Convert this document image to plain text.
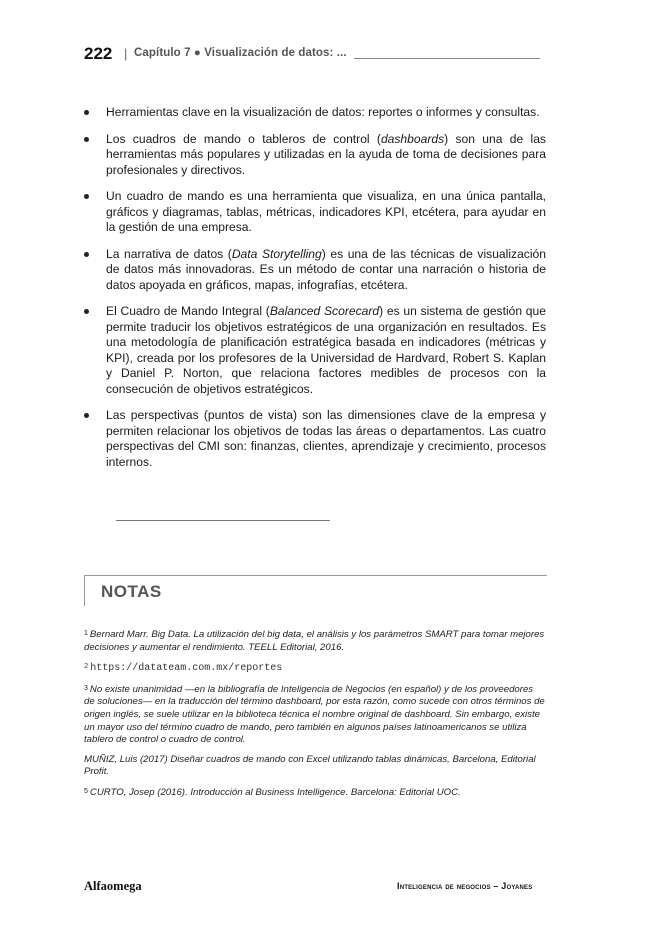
222 | Capítulo 7 ● Visualización de datos: ...
Herramientas clave en la visualización de datos: reportes o informes y consultas.
Los cuadros de mando o tableros de control (dashboards) son una de las herramientas más populares y utilizadas en la ayuda de toma de decisiones para profesionales y directivos.
Un cuadro de mando es una herramienta que visualiza, en una única pantalla, gráficos y diagramas, tablas, métricas, indicadores KPI, etcétera, para ayudar en la gestión de una empresa.
La narrativa de datos (Data Storytelling) es una de las técnicas de visualización de datos más innovadoras. Es un método de contar una narración o historia de datos apoyada en gráficos, mapas, infografías, etcétera.
El Cuadro de Mando Integral (Balanced Scorecard) es un sistema de gestión que permite traducir los objetivos estratégicos de una organización en resultados. Es una metodología de planificación estratégica basada en indicadores (métricas y KPI), creada por los profesores de la Universidad de Hardvard, Robert S. Kaplan y Daniel P. Norton, que relaciona factores medibles de procesos con la consecución de objetivos estratégicos.
Las perspectivas (puntos de vista) son las dimensiones clave de la empresa y permiten relacionar los objetivos de todas las áreas o departamentos. Las cuatro perspectivas del CMI son: finanzas, clientes, aprendizaje y crecimiento, procesos internos.
NOTAS
$^1$ Bernard Marr. Big Data. La utilización del big data, el análisis y los parámetros SMART para tomar mejores decisiones y aumentar el rendimiento. TEELL Editorial, 2016.
$^2$ https://datateam.com.mx/reportes
$^3$ No existe unanimidad —en la bibliografía de Inteligencia de Negocios (en español) y de los proveedores de soluciones— en la traducción del término dashboard, por esta razón, como sucede con otros términos de origen inglés, se suele utilizar en la biblioteca técnica el nombre original de dashboard. Sin embargo, existe un mayor uso del término cuadro de mando, pero también en algunos países latinoamericanos se utiliza tablero de control o cuadro de control.
MUÑIZ, Luis (2017) Diseñar cuadros de mando con Excel utilizando tablas dinámicas, Barcelona, Editorial Profit.
$^5$ CURTO, Josep (2016). Introducción al Business Intelligence. Barcelona: Editorial UOC.
Alfaomega	Inteligencia de negocios – Joyanes
